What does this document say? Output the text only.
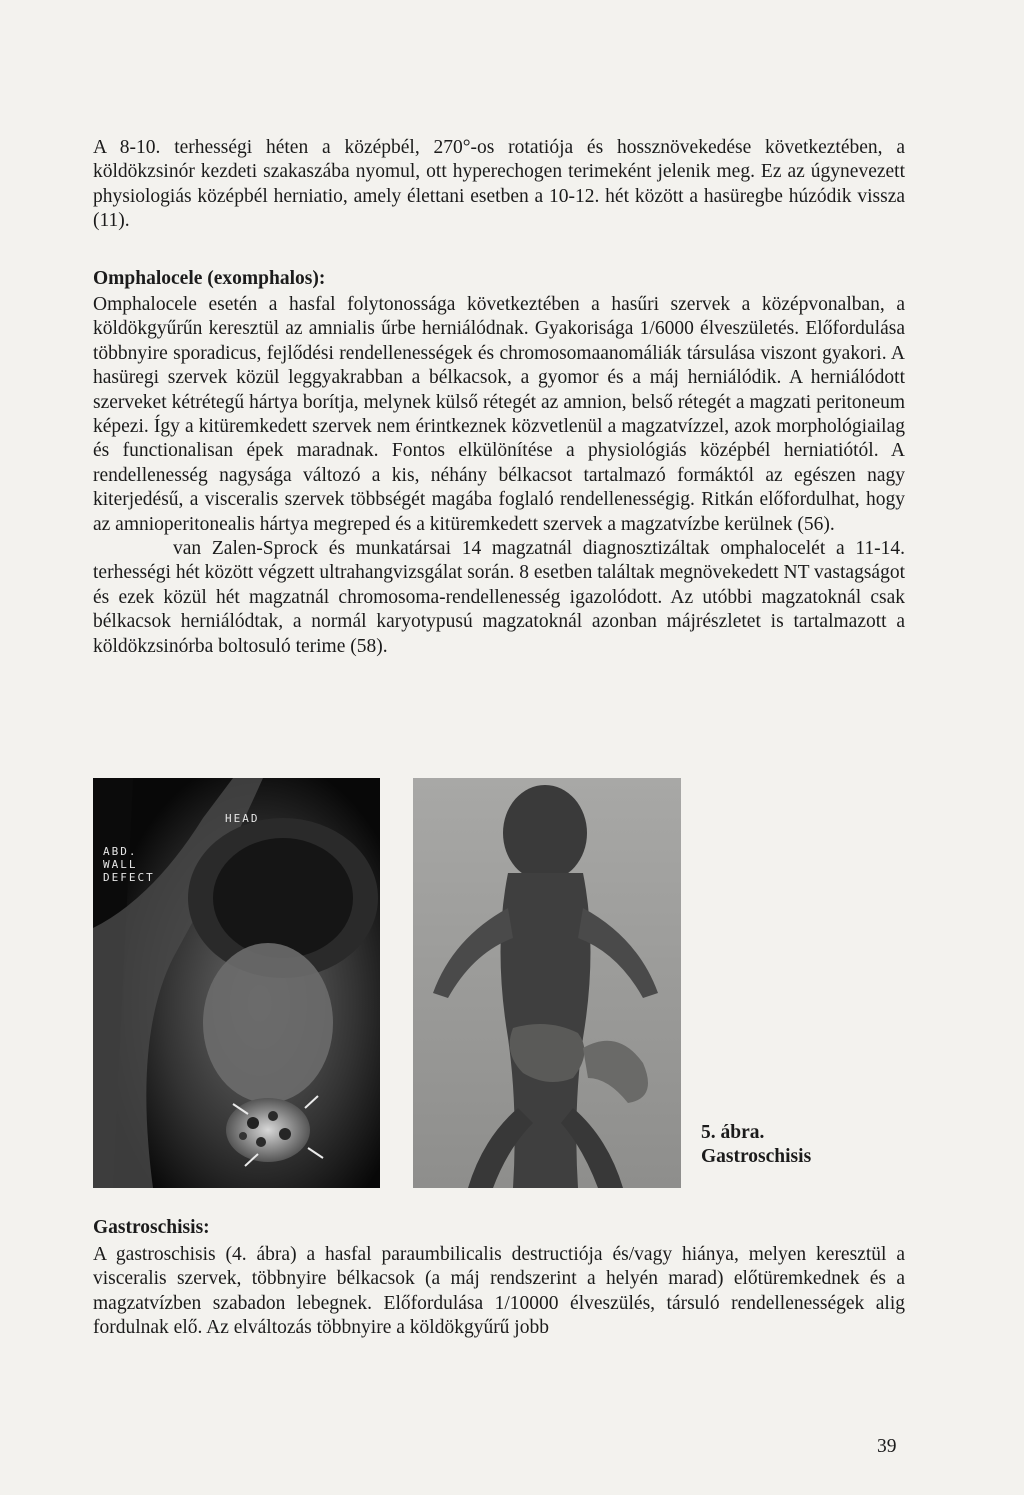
A 8-10. terhességi héten a középbél, 270°-os rotatiója és hossznövekedése következtében, a köldökzsinór kezdeti szakaszába nyomul, ott hyperechogen terimeként jelenik meg. Ez az úgynevezett physiologiás középbél herniatio, amely élettani esetben a 10-12. hét között a hasüregbe húzódik vissza (11).

Omphalocele (exomphalos):

Omphalocele esetén a hasfal folytonossága következtében a hasűri szervek a középvonalban, a köldökgyűrűn keresztül az amnialis űrbe herniálódnak. Gyakorisága 1/6000 élveszületés. Előfordulása többnyire sporadicus, fejlődési rendellenességek és chromosomaanomáliák társulása viszont gyakori. A hasüregi szervek közül leggyakrabban a bélkacsok, a gyomor és a máj herniálódik. A herniálódott szerveket kétrétegű hártya borítja, melynek külső rétegét az amnion, belső rétegét a magzati peritoneum képezi. Így a kitüremkedett szervek nem érintkeznek közvetlenül a magzatvízzel, azok morphológiailag és functionalisan épek maradnak. Fontos elkülönítése a physiológiás középbél herniatiótól. A rendellenesség nagysága változó a kis, néhány bélkacsot tartalmazó formáktól az egészen nagy kiterjedésű, a visceralis szervek többségét magába foglaló rendellenességig. Ritkán előfordulhat, hogy az amnioperitonealis hártya megreped és a kitüremkedett szervek a magzatvízbe kerülnek (56).

van Zalen-Sprock és munkatársai 14 magzatnál diagnosztizáltak omphalocelét a 11-14. terhességi hét között végzett ultrahangvizsgálat során. 8 esetben találtak megnövekedett NT vastagságot és ezek közül hét magzatnál chromosoma-rendellenesség igazolódott. Az utóbbi magzatoknál csak bélkacsok herniálódtak, a normál karyotypusú magzatoknál azonban májrészletet is tartalmazott a köldökzsinórba boltosuló terime (58).

HEAD
ABD.
WALL
DEFECT
5. ábra.
Gastroschisis
Gastroschisis:

A gastroschisis (4. ábra) a hasfal paraumbilicalis destructiója és/vagy hiánya, melyen keresztül a visceralis szervek, többnyire bélkacsok (a máj rendszerint a helyén marad) előtüremkednek és a magzatvízben szabadon lebegnek. Előfordulása 1/10000 élveszülés, társuló rendellenességek alig fordulnak elő. Az elváltozás többnyire a köldökgyűrű jobb

39
